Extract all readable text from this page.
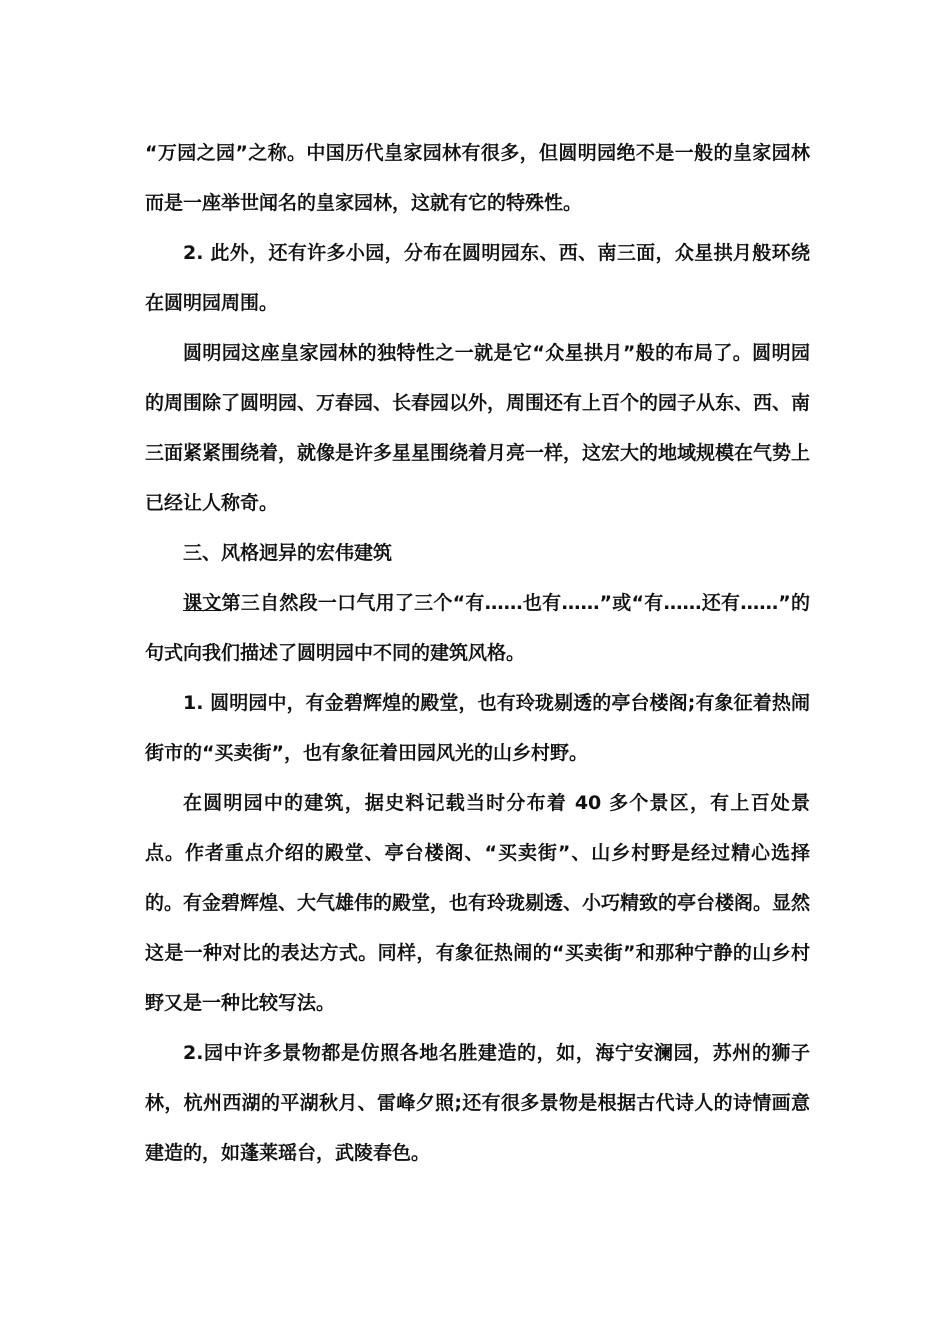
“万园之园”之称。中国历代皇家园林有很多，但圆明园绝不是一般的皇家园林而是一座举世闻名的皇家园林，这就有它的特殊性。

2. 此外，还有许多小园，分布在圆明园东、西、南三面，众星拱月般环绕在圆明园周围。

圆明园这座皇家园林的独特性之一就是它“众星拱月”般的布局了。圆明园的周围除了圆明园、万春园、长春园以外，周围还有上百个的园子从东、西、南三面紧紧围绕着，就像是许多星星围绕着月亮一样，这宏大的地域规模在气势上已经让人称奇。

三、风格迥异的宏伟建筑

课文第三自然段一口气用了三个“有……也有……”或“有……还有……”的句式向我们描述了圆明园中不同的建筑风格。

1. 圆明园中，有金碧辉煌的殿堂，也有玲珑剔透的亭台楼阁;有象征着热闹街市的“买卖街”，也有象征着田园风光的山乡村野。

在圆明园中的建筑，据史料记载当时分布着 40 多个景区，有上百处景点。作者重点介绍的殿堂、亭台楼阁、“买卖街”、山乡村野是经过精心选择的。有金碧辉煌、大气雄伟的殿堂，也有玲珑剔透、小巧精致的亭台楼阁。显然这是一种对比的表达方式。同样，有象征热闹的“买卖街”和那种宁静的山乡村野又是一种比较写法。

2.园中许多景物都是仿照各地名胜建造的，如，海宁安澜园，苏州的狮子林，杭州西湖的平湖秋月、雷峰夕照;还有很多景物是根据古代诗人的诗情画意建造的，如蓬莱瑶台，武陵春色。
